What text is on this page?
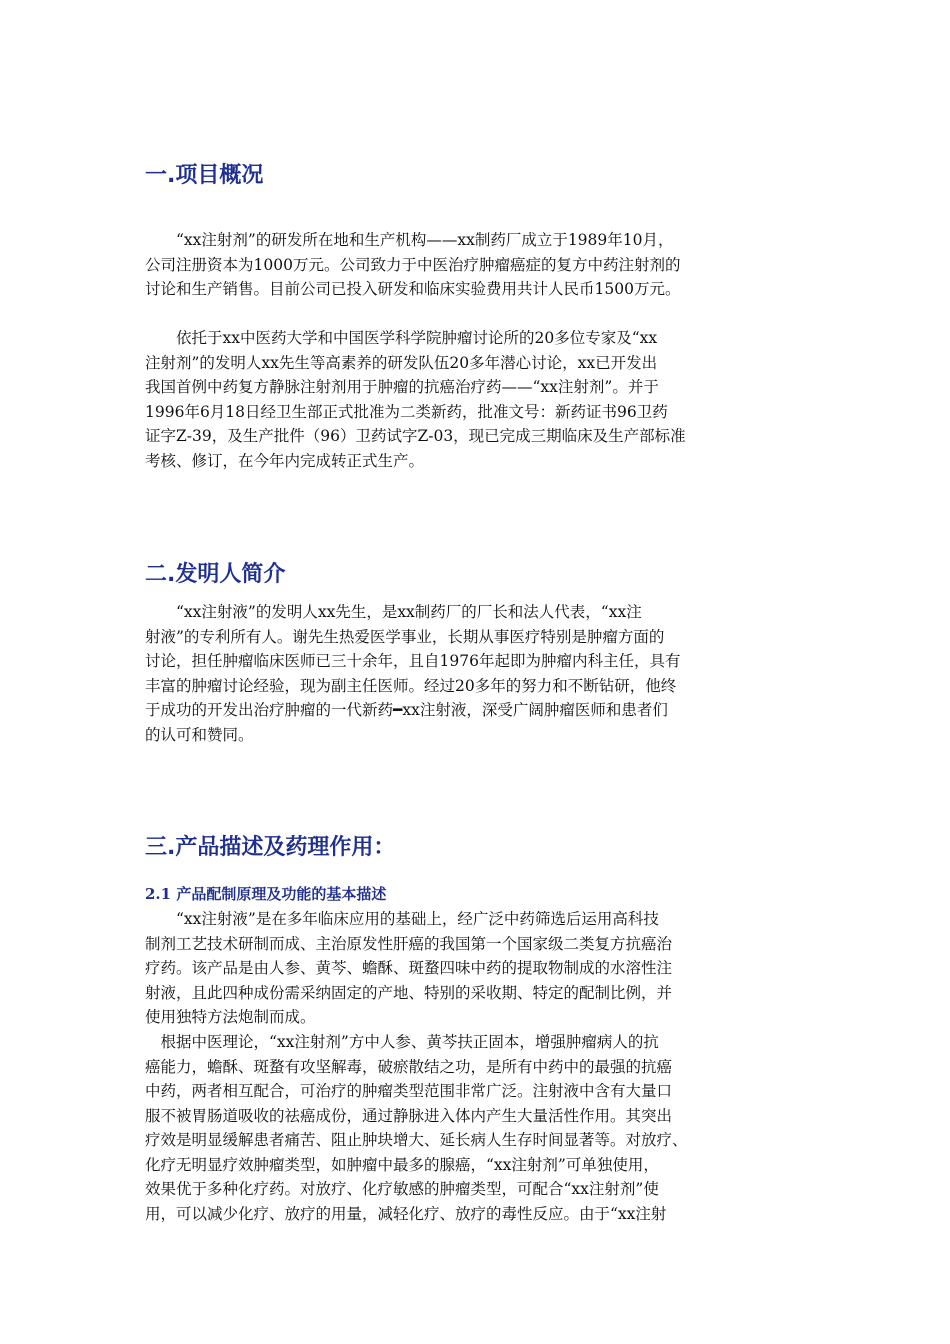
一.项目概况
　　“xx注射剂”的研发所在地和生产机构——xx制药厂成立于1989年10月，
公司注册资本为1000万元。公司致力于中医治疗肿瘤癌症的复方中药注射剂的
讨论和生产销售。目前公司已投入研发和临床实验费用共计人民币1500万元。
　　依托于xx中医药大学和中国医学科学院肿瘤讨论所的20多位专家及“xx
注射剂”的发明人xx先生等高素养的研发队伍20多年潜心讨论，xx已开发出
我国首例中药复方静脉注射剂用于肿瘤的抗癌治疗药——“xx注射剂”。并于
1996年6月18日经卫生部正式批准为二类新药，批准文号：新药证书96卫药
证字Z-39，及生产批件（96）卫药试字Z-03，现已完成三期临床及生产部标准
考核、修订，在今年内完成转正式生产。
二.发明人简介
　　“xx注射液”的发明人xx先生，是xx制药厂的厂长和法人代表，“xx注
射液”的专利所有人。谢先生热爱医学事业，长期从事医疗特别是肿瘤方面的
讨论，担任肿瘤临床医师已三十余年，且自1976年起即为肿瘤内科主任，具有
丰富的肿瘤讨论经验，现为副主任医师。经过20多年的努力和不断钻研，他终
于成功的开发出治疗肿瘤的一代新药━xx注射液，深受广阔肿瘤医师和患者们
的认可和赞同。
三.产品描述及药理作用：
2.1 产品配制原理及功能的基本描述
　　“xx注射液”是在多年临床应用的基础上，经广泛中药筛选后运用高科技
制剂工艺技术研制而成、主治原发性肝癌的我国第一个国家级二类复方抗癌治
疗药。该产品是由人参、黄芩、蟾酥、斑蝥四味中药的提取物制成的水溶性注
射液，且此四种成份需采纳固定的产地、特别的采收期、特定的配制比例，并
使用独特方法炮制而成。
　根据中医理论，“xx注射剂”方中人参、黄芩扶正固本，增强肿瘤病人的抗
癌能力，蟾酥、斑蝥有攻坚解毒，破瘀散结之功，是所有中药中的最强的抗癌
中药，两者相互配合，可治疗的肿瘤类型范围非常广泛。注射液中含有大量口
服不被胃肠道吸收的祛癌成份，通过静脉进入体内产生大量活性作用。其突出
疗效是明显缓解患者痛苦、阻止肿块增大、延长病人生存时间显著等。对放疗、
化疗无明显疗效肿瘤类型，如肿瘤中最多的腺癌，“xx注射剂”可单独使用，
效果优于多种化疗药。对放疗、化疗敏感的肿瘤类型，可配合“xx注射剂”使
用，可以减少化疗、放疗的用量，减轻化疗、放疗的毒性反应。由于“xx注射
